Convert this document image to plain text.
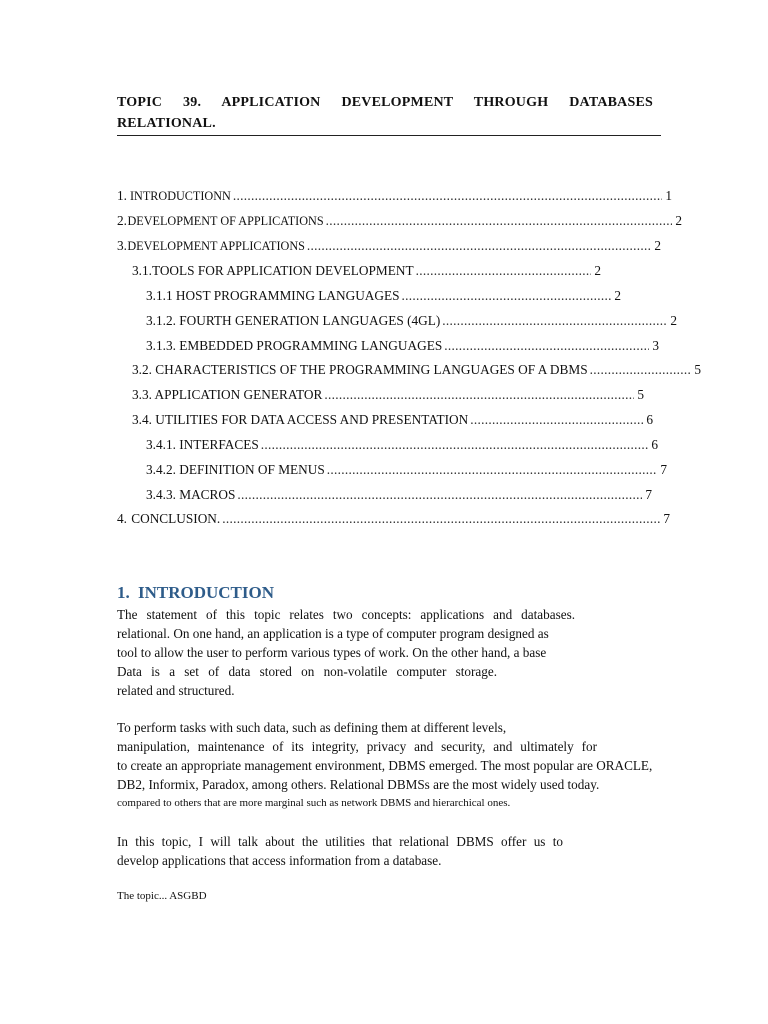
TOPIC 39. APPLICATION DEVELOPMENT THROUGH DATABASES
RELATIONAL.
1. INTRODUCTIONN .....	1
2. DEVELOPMENT OF APPLICATIONS .....	2
3. DEVELOPMENT APPLICATIONS .....	2
3.1.TOOLS FOR APPLICATION DEVELOPMENT .....	2
3.1.1 HOST PROGRAMMING LANGUAGES .....	2
3.1.2. FOURTH GENERATION LANGUAGES (4GL) .....	2
3.1.3. EMBEDDED PROGRAMMING LANGUAGES .....	3
3.2. CHARACTERISTICS OF THE PROGRAMMING LANGUAGES OF A DBMS .....	5
3.3. APPLICATION GENERATOR .....	5
3.4. UTILITIES FOR DATA ACCESS AND PRESENTATION .....	6
3.4.1. INTERFACES .....	6
3.4.2. DEFINITION OF MENUS .....	7
3.4.3. MACROS .....	7
4. CONCLUSION. .....	7
1. INTRODUCTION
The statement of this topic relates two concepts: applications and databases.
relational. On one hand, an application is a type of computer program designed as
tool to allow the user to perform various types of work. On the other hand, a base
Data is a set of data stored on non-volatile computer storage.
related and structured.
To perform tasks with such data, such as defining them at different levels,
manipulation, maintenance of its integrity, privacy and security, and ultimately for
to create an appropriate management environment, DBMS emerged. The most popular are ORACLE,
DB2, Informix, Paradox, among others. Relational DBMSs are the most widely used today.
compared to others that are more marginal such as network DBMS and hierarchical ones.
In this topic, I will talk about the utilities that relational DBMS offer us to
develop applications that access information from a database.
The topic... ASGBD
